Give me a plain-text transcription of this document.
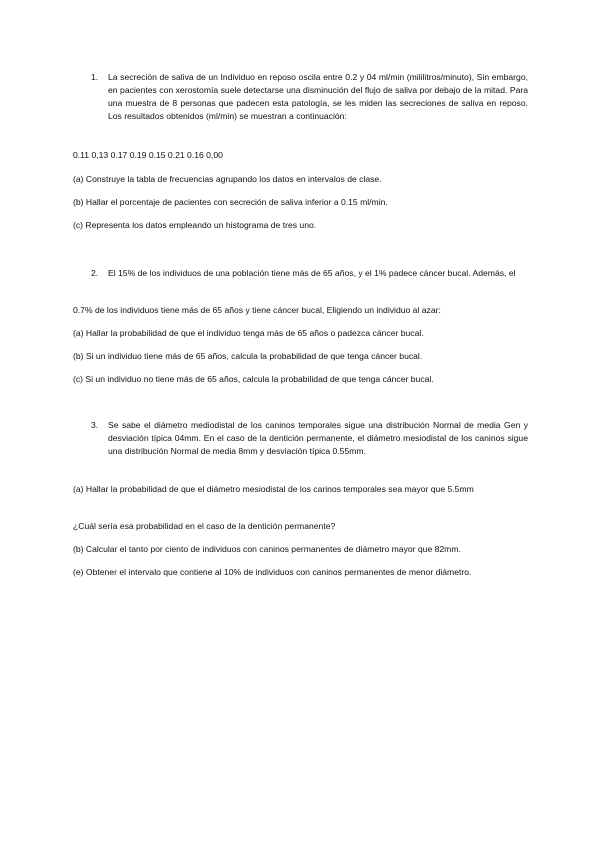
1. La secreción de saliva de un Individuo en reposo oscila entre 0.2 y 04 ml/min (mililitros/minuto), Sin embargo, en pacientes con xerostomía suele detectarse una disminución del flujo de saliva por debajo de la mitad. Para una muestra de 8 personas que padecen esta patología, se les miden las secreciones de saliva en reposo. Los resultados obtenidos (ml/min) se muestran a continuación:
0.11 0,13 0.17 0.19 0.15 0.21 0.16 0,00
(a) Construye la tabla de frecuencias agrupando los datos en intervalos de clase.
(b) Hallar el porcentaje de pacientes con secreción de saliva inferior a 0.15 ml/min.
(c) Representa los datos empleando un histograma de tres uno.
2. El 15% de los individuos de una población tiene más de 65 años, y el 1% padece cáncer bucal. Además, el
0.7% de los individuos tiene más de 65 años y tiene cáncer bucal, Eligiendo un individuo al azar:
(a) Hallar la probabilidad de que el individuo tenga más de 65 años o padezca cáncer bucal.
(b) Si un individuo tiene más de 65 años, calcula la probabilidad de que tenga cáncer bucal.
(c) Si un individuo no tiene más de 65 años, calcula la probabilidad de que tenga cáncer bucal.
3. Se sabe el diámetro mediodistal de los caninos temporales sigue una distribución Normal de media Gen y desviación típica 04mm. En el caso de la dentición permanente, el diámetro mesiodistal de los caninos sigue una distribución Normal de media 8mm y desviación típica 0.55mm.
(a) Hallar la probabilidad de que el diámetro mesiodistal de los carinos temporales sea mayor que 5.5mm
¿Cuál sería esa probabilidad en el caso de la dentición permanente?
(b) Calcular el tanto por ciento de individuos con caninos permanentes de diámetro mayor que 82mm.
(e) Obtener el intervalo que contiene al 10% de individuos con caninos permanentes de menor diámetro.
